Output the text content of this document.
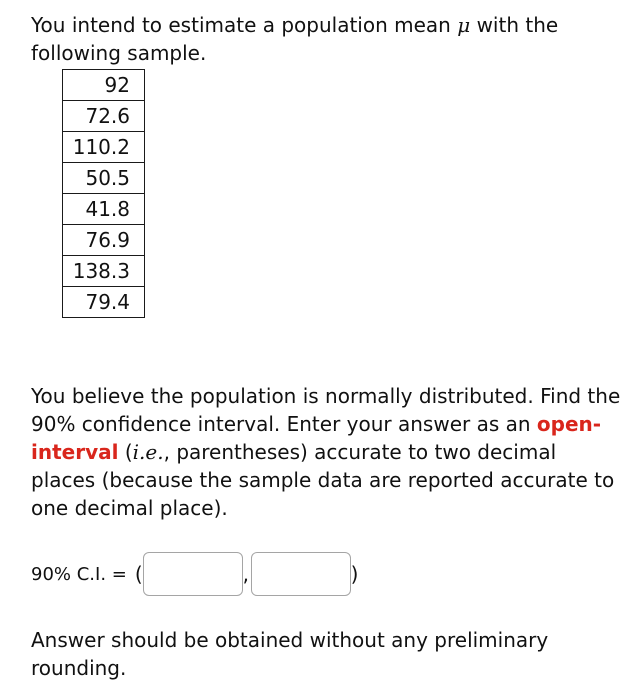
You intend to estimate a population mean μ with the following sample.

92
72.6
110.2
50.5
41.8
76.9
138.3
79.4

You believe the population is normally distributed. Find the 90% confidence interval. Enter your answer as an open-interval (i.e., parentheses) accurate to two decimal places (because the sample data are reported accurate to one decimal place).

90% C.I. = (	,	)

Answer should be obtained without any preliminary rounding.
